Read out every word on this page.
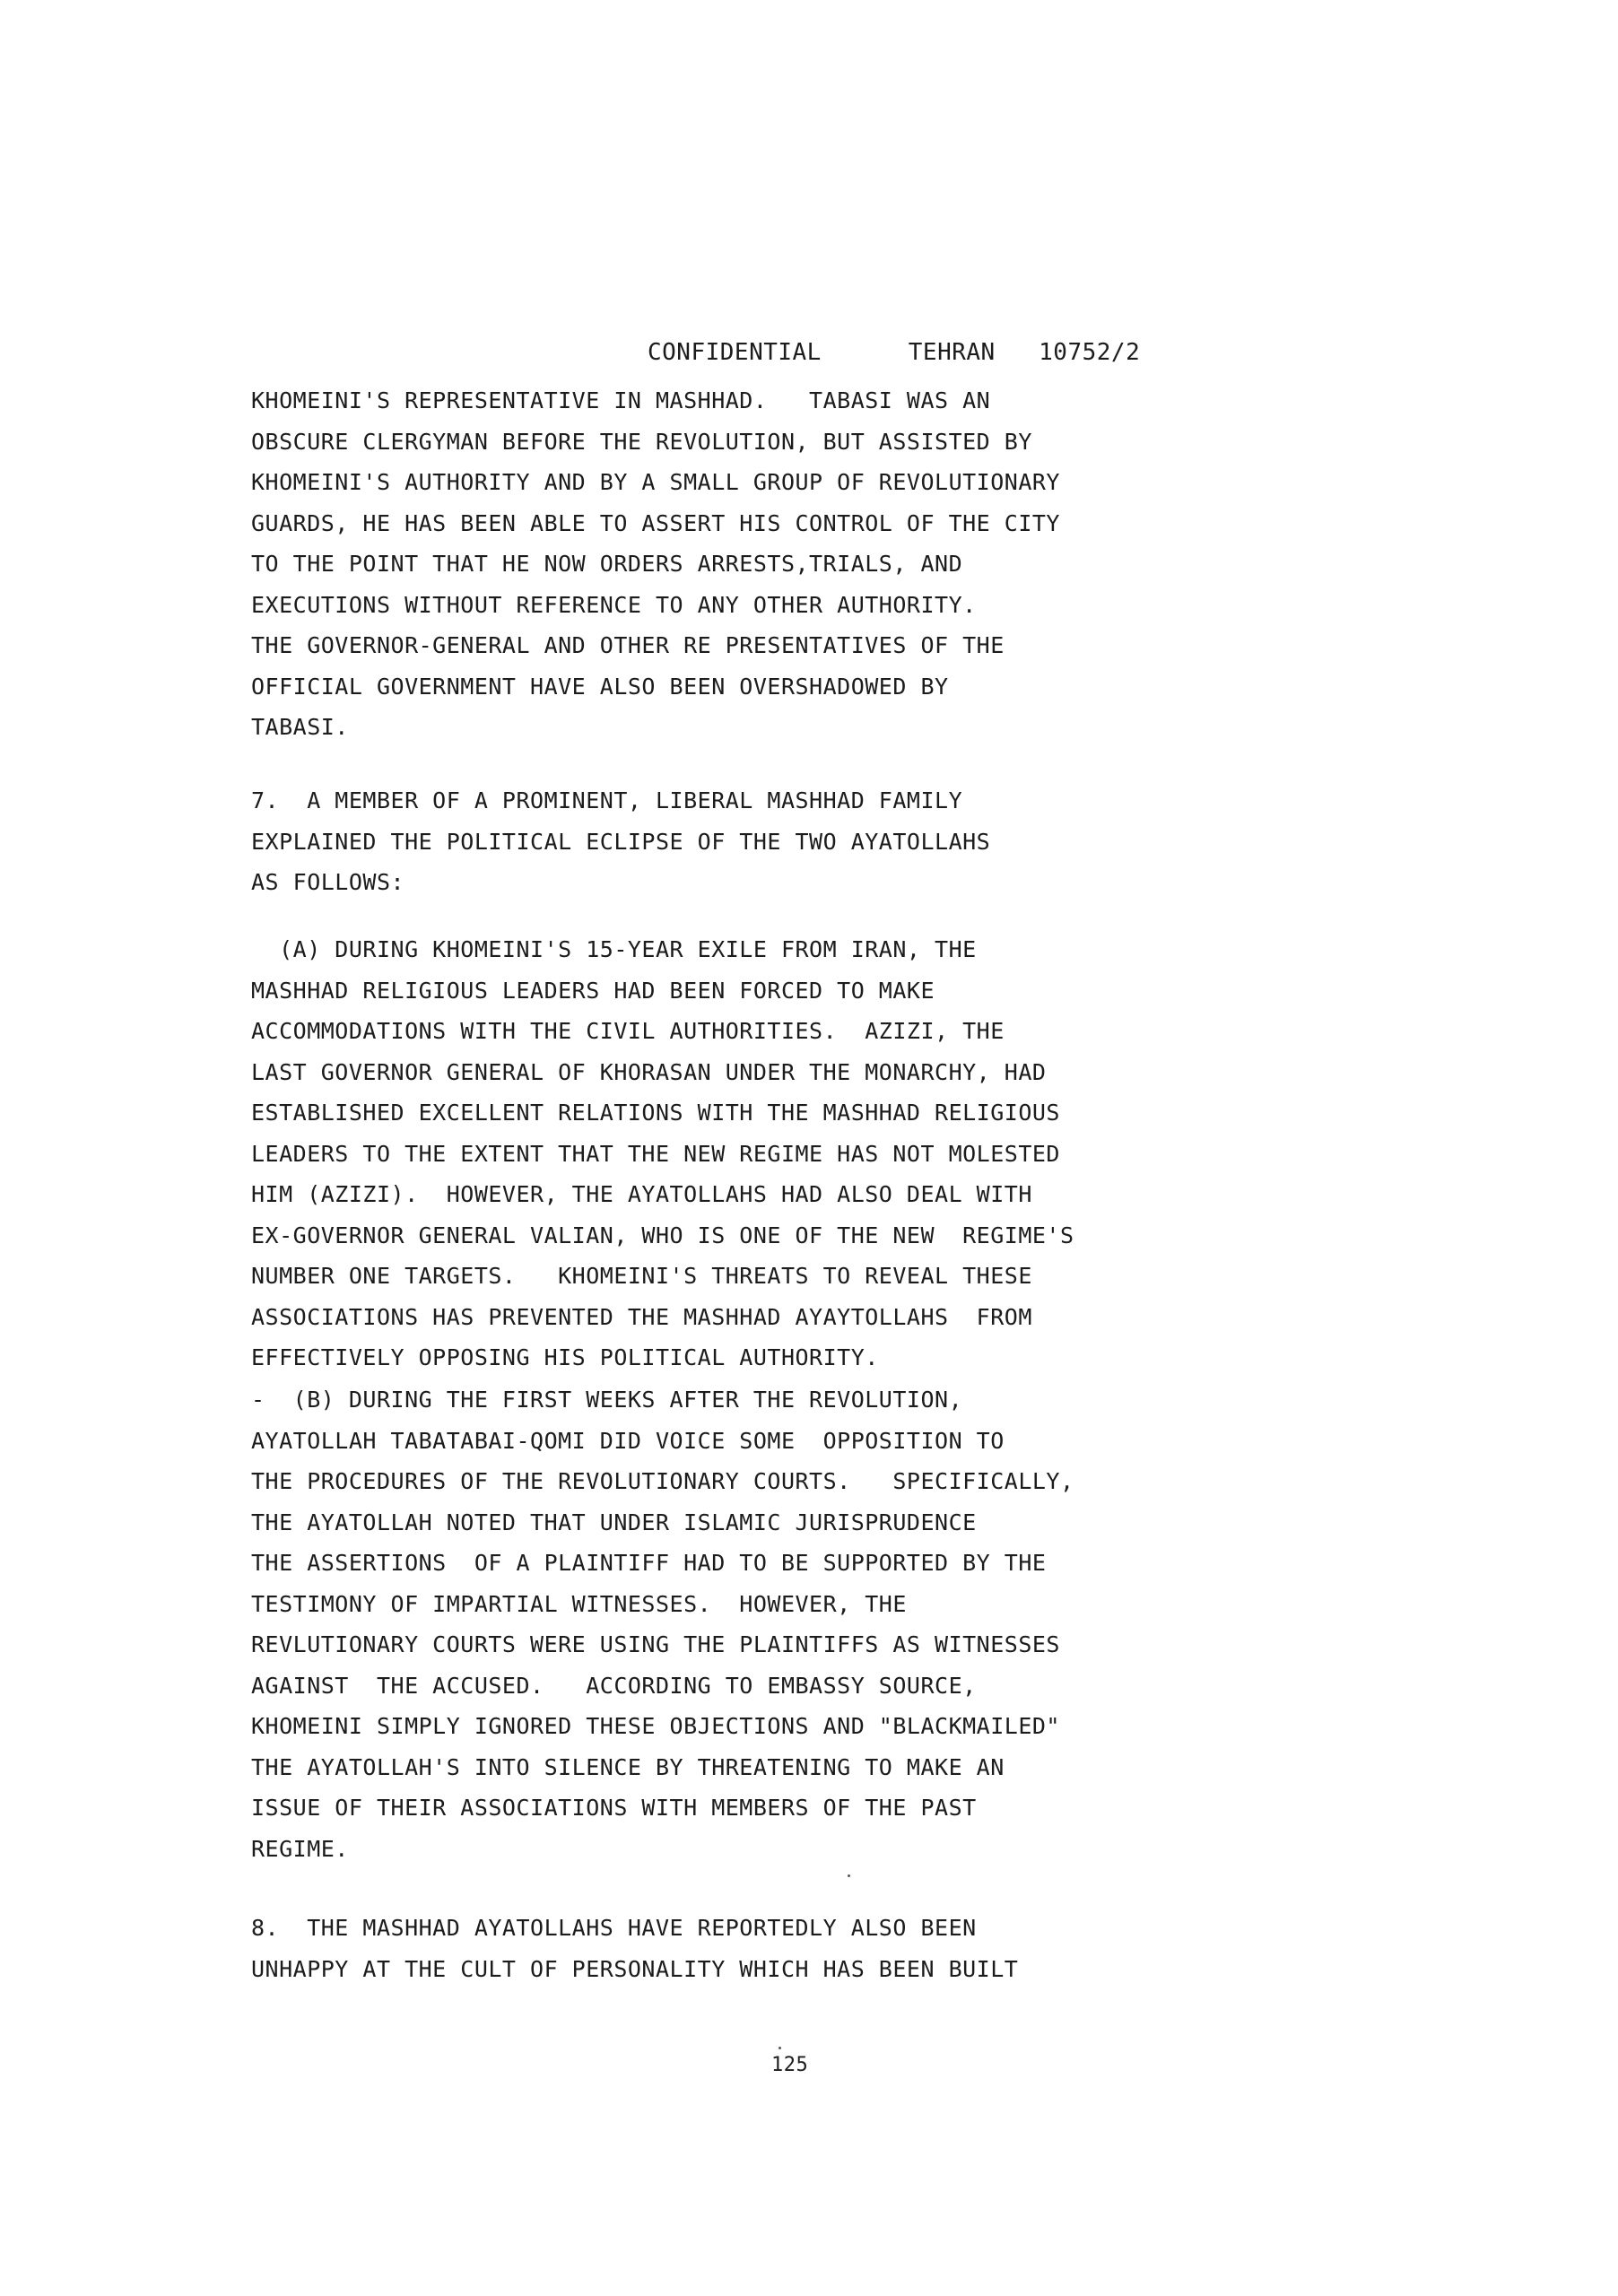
CONFIDENTIAL	TEHRAN 10752/2
KHOMEINI'S REPRESENTATIVE IN MASHHAD.   TABASI WAS AN
OBSCURE CLERGYMAN BEFORE THE REVOLUTION, BUT ASSISTED BY
KHOMEINI'S AUTHORITY AND BY A SMALL GROUP OF REVOLUTIONARY
GUARDS, HE HAS BEEN ABLE TO ASSERT HIS CONTROL OF THE CITY
TO THE POINT THAT HE NOW ORDERS ARRESTS,TRIALS, AND
EXECUTIONS WITHOUT REFERENCE TO ANY OTHER AUTHORITY.
THE GOVERNOR-GENERAL AND OTHER RE PRESENTATIVES OF THE
OFFICIAL GOVERNMENT HAVE ALSO BEEN OVERSHADOWED BY
TABASI.
7.  A MEMBER OF A PROMINENT, LIBERAL MASHHAD FAMILY
EXPLAINED THE POLITICAL ECLIPSE OF THE TWO AYATOLLAHS
AS FOLLOWS:
(A) DURING KHOMEINI'S 15-YEAR EXILE FROM IRAN, THE
MASHHAD RELIGIOUS LEADERS HAD BEEN FORCED TO MAKE
ACCOMMODATIONS WITH THE CIVIL AUTHORITIES.  AZIZI, THE
LAST GOVERNOR GENERAL OF KHORASAN UNDER THE MONARCHY, HAD
ESTABLISHED EXCELLENT RELATIONS WITH THE MASHHAD RELIGIOUS
LEADERS TO THE EXTENT THAT THE NEW REGIME HAS NOT MOLESTED
HIM (AZIZI).  HOWEVER, THE AYATOLLAHS HAD ALSO DEAL WITH
EX-GOVERNOR GENERAL VALIAN, WHO IS ONE OF THE NEW  REGIME'S
NUMBER ONE TARGETS.   KHOMEINI'S THREATS TO REVEAL THESE
ASSOCIATIONS HAS PREVENTED THE MASHHAD AYAYTOLLAHS  FROM
EFFECTIVELY OPPOSING HIS POLITICAL AUTHORITY.
-  (B) DURING THE FIRST WEEKS AFTER THE REVOLUTION,
AYATOLLAH TABATABAI-QOMI DID VOICE SOME  OPPOSITION TO
THE PROCEDURES OF THE REVOLUTIONARY COURTS.   SPECIFICALLY,
THE AYATOLLAH NOTED THAT UNDER ISLAMIC JURISPRUDENCE
THE ASSERTIONS  OF A PLAINTIFF HAD TO BE SUPPORTED BY THE
TESTIMONY OF IMPARTIAL WITNESSES.  HOWEVER, THE
REVLUTIONARY COURTS WERE USING THE PLAINTIFFS AS WITNESSES
AGAINST  THE ACCUSED.   ACCORDING TO EMBASSY SOURCE,
KHOMEINI SIMPLY IGNORED THESE OBJECTIONS AND "BLACKMAILED"
THE AYATOLLAH'S INTO SILENCE BY THREATENING TO MAKE AN
ISSUE OF THEIR ASSOCIATIONS WITH MEMBERS OF THE PAST
REGIME.
8.  THE MASHHAD AYATOLLAHS HAVE REPORTEDLY ALSO BEEN
UNHAPPY AT THE CULT OF PERSONALITY WHICH HAS BEEN BUILT
125
